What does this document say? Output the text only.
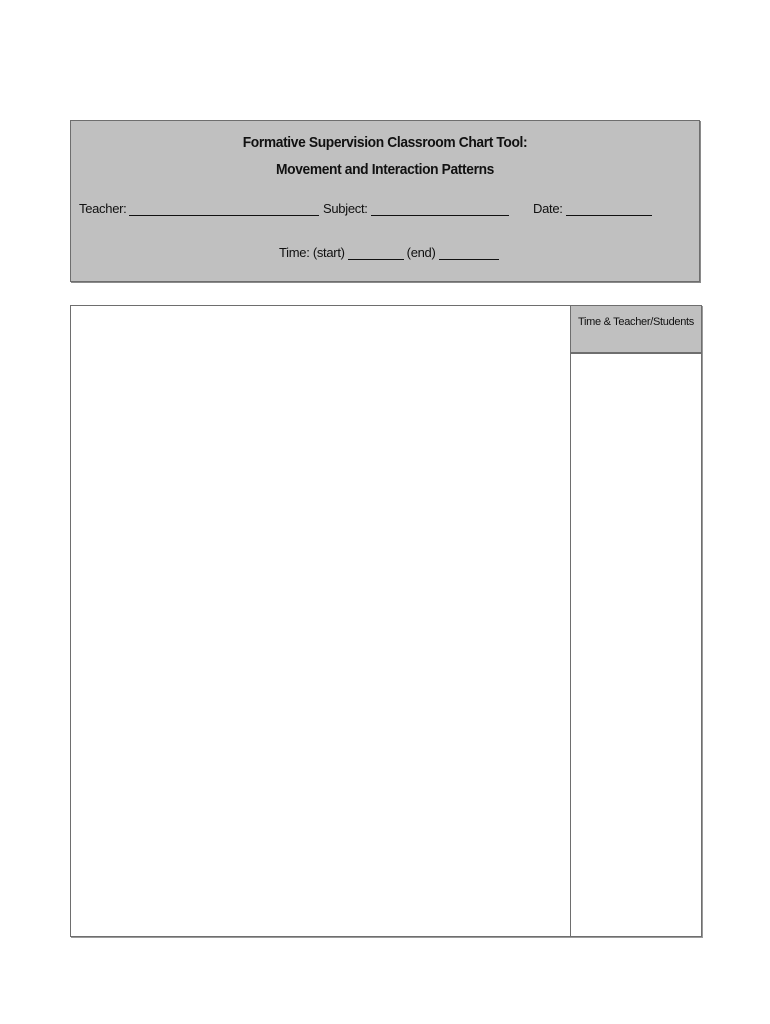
Formative Supervision Classroom Chart Tool:
Movement and Interaction Patterns
Teacher:	Subject:	Date:
Time: (start)	(end)
Time & Teacher/Students
